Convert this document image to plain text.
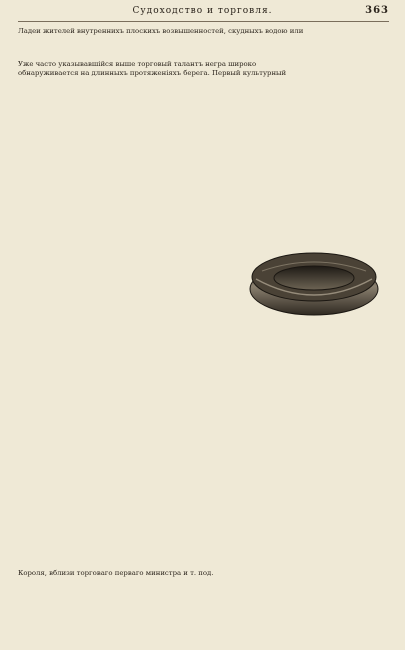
Судоходство и торговля.	363
Ладеи жителей внутреннихъ плоскихъ возвышенностей, скудныхъ водою или
Уже часто указывавшійся выше торговый талантъ негра широко
обнаруживается на длинныхъ протяженіяхъ берега. Первый культурный
Короля, вблизи торговаго перваго министра и т. под.
